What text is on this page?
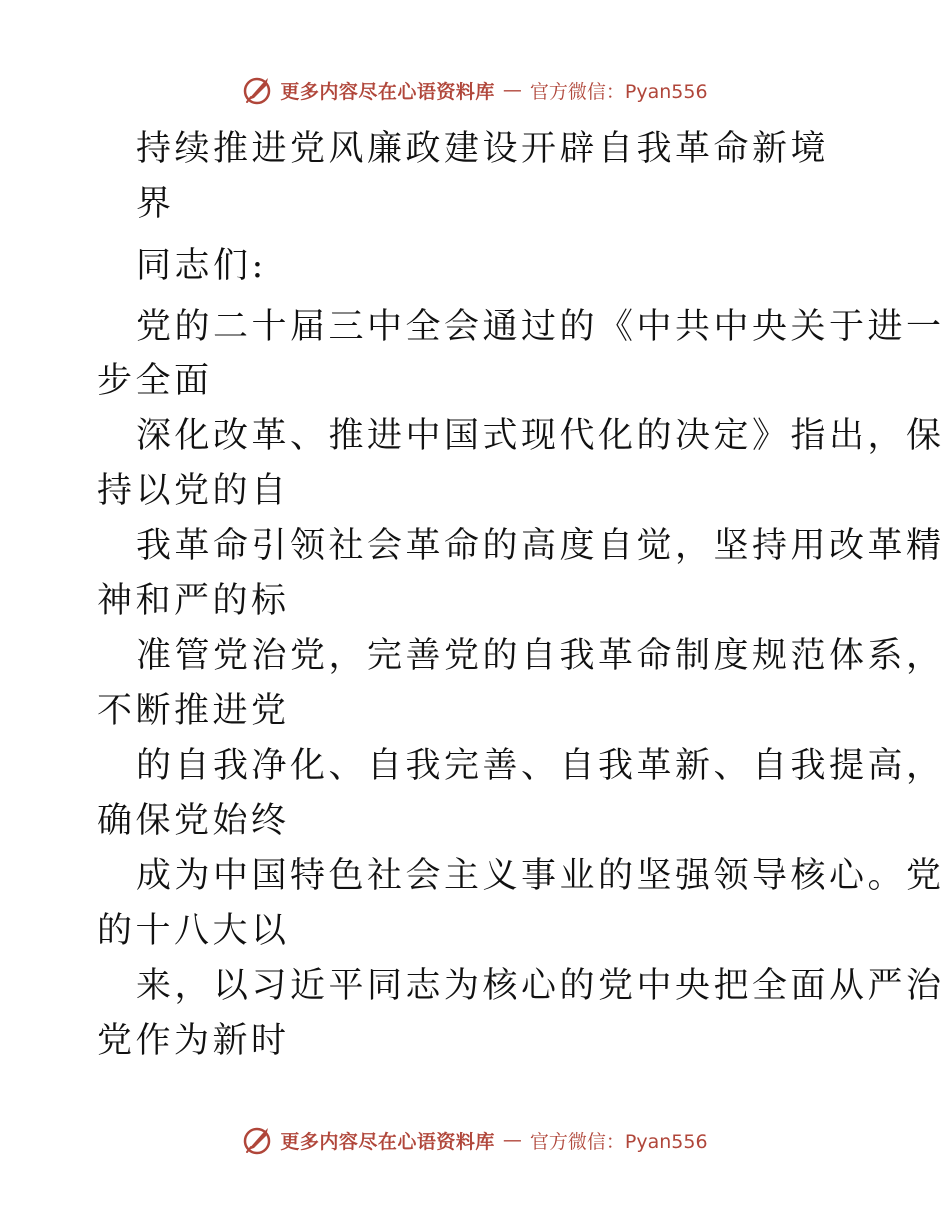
更多内容尽在心语资料库 — 官方微信：Pyan556
持续推进党风廉政建设开辟自我革命新境
界
同志们:
党的二十届三中全会通过的《中共中央关于进一
步全面
深化改革、推进中国式现代化的决定》指出，保
持以党的自
我革命引领社会革命的高度自觉，坚持用改革精
神和严的标
准管党治党，完善党的自我革命制度规范体系，
不断推进党
的自我净化、自我完善、自我革新、自我提高，
确保党始终
成为中国特色社会主义事业的坚强领导核心。党
的十八大以
来，以习近平同志为核心的党中央把全面从严治
党作为新时
更多内容尽在心语资料库 — 官方微信：Pyan556
